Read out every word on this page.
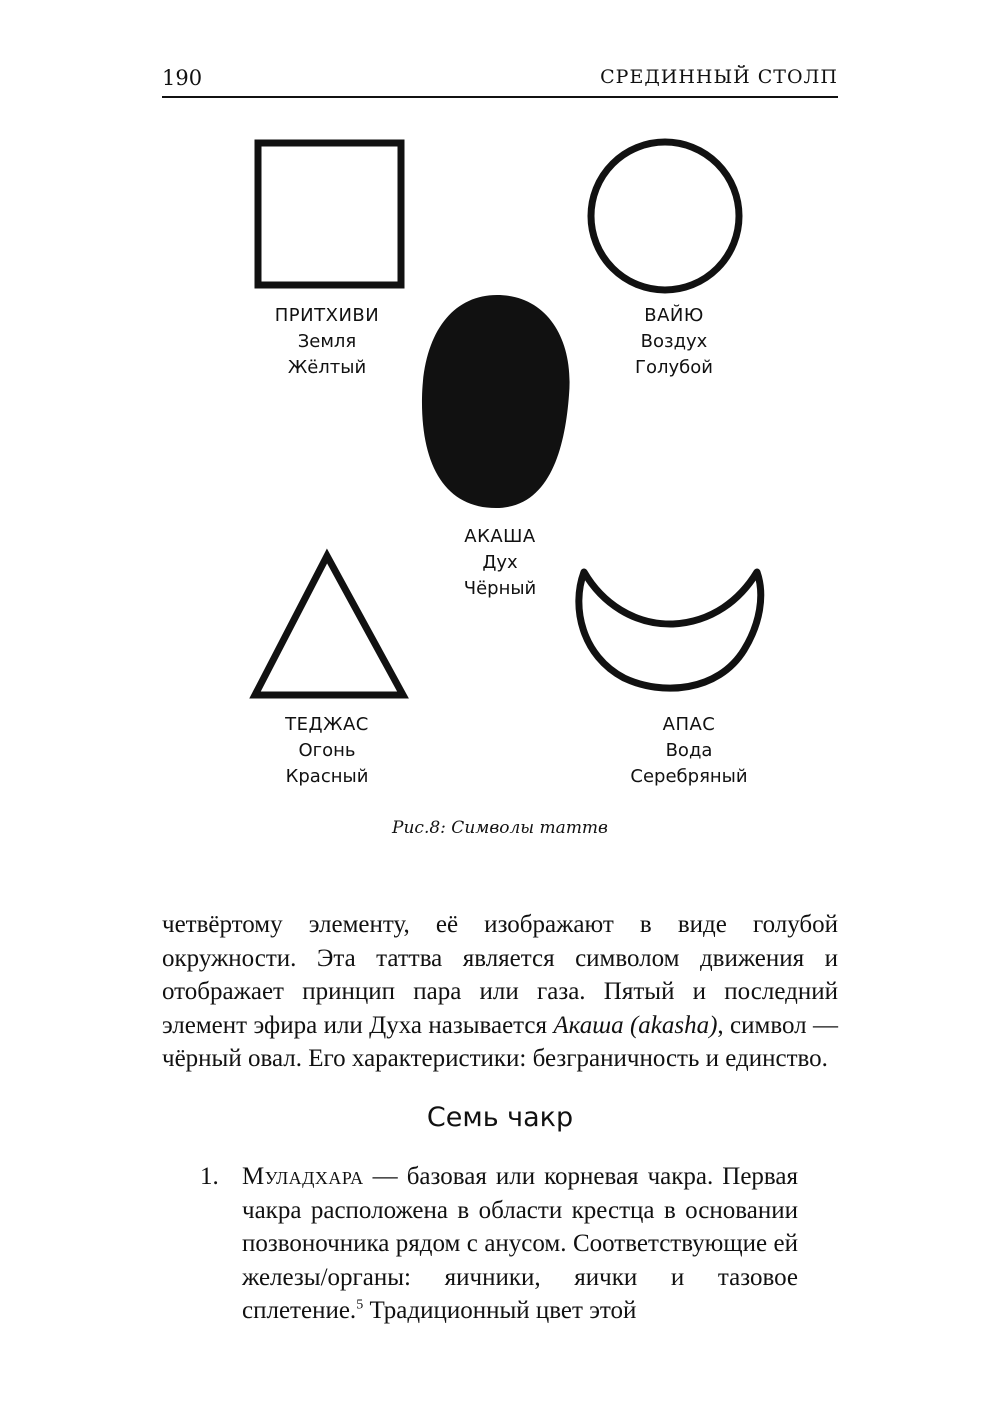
190	СРЕДИННЫЙ СТОЛП
ПРИТХИВИ
Земля
Жёлтый
ВАЙЮ
Воздух
Голубой
АКАША
Дух
Чёрный
ТЕДЖАС
Огонь
Красный
АПАС
Вода
Серебряный
Рис.8: Символы таттв
четвёртому элементу, её изображают в виде голубой окружности. Эта таттва является символом движения и отображает принцип пара или газа. Пятый и последний элемент эфира или Духа называется Акаша (akasha), символ — чёрный овал. Его характеристики: безграничность и единство.
Семь чакр
1. Муладхара — базовая или корневая чакра. Первая чакра расположена в области крестца в основании позвоночника рядом с анусом. Соответствующие ей железы/органы: яичники, яички и тазовое сплетение.$^5$ Традиционный цвет этой
